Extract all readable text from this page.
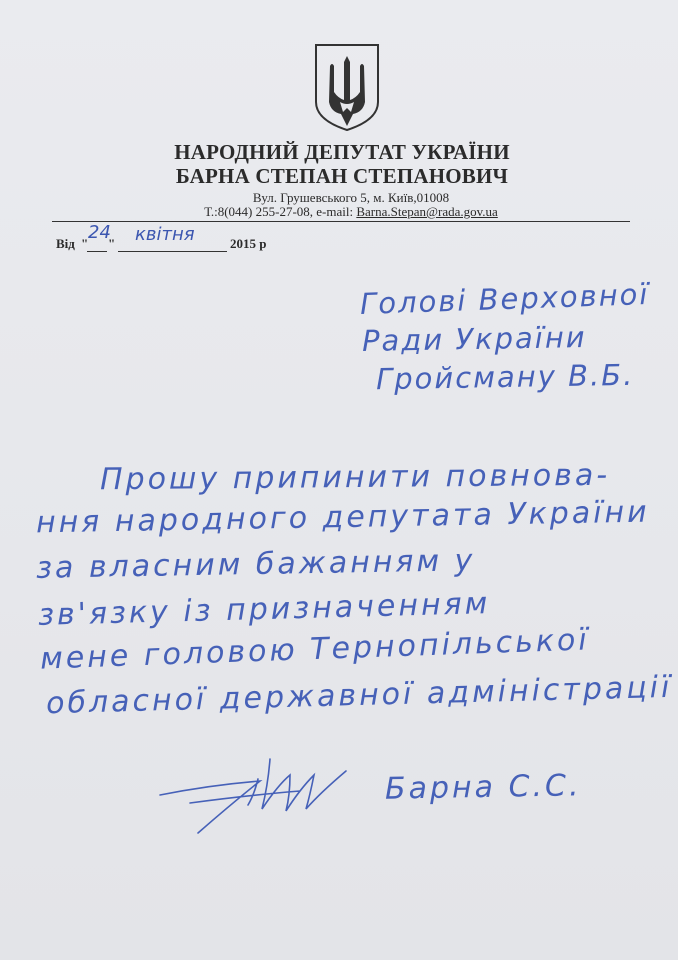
НАРОДНИЙ ДЕПУТАТ УКРАЇНИ
БАРНА СТЕПАН СТЕПАНОВИЧ
Вул. Грушевського 5, м. Київ,01008
Т.:8(044) 255-27-08, e-mail: Barna.Stepan@rada.gov.ua
Від " "	2015 р
24 квітня
Голові Верховної
Ради України
Гройсману В.Б.
Прошу припинити повнова-
ння народного депутата України
за власним бажанням у
зв'язку із призначенням
мене головою Тернопільської
обласної державної адміністрації
Барна С.С.
